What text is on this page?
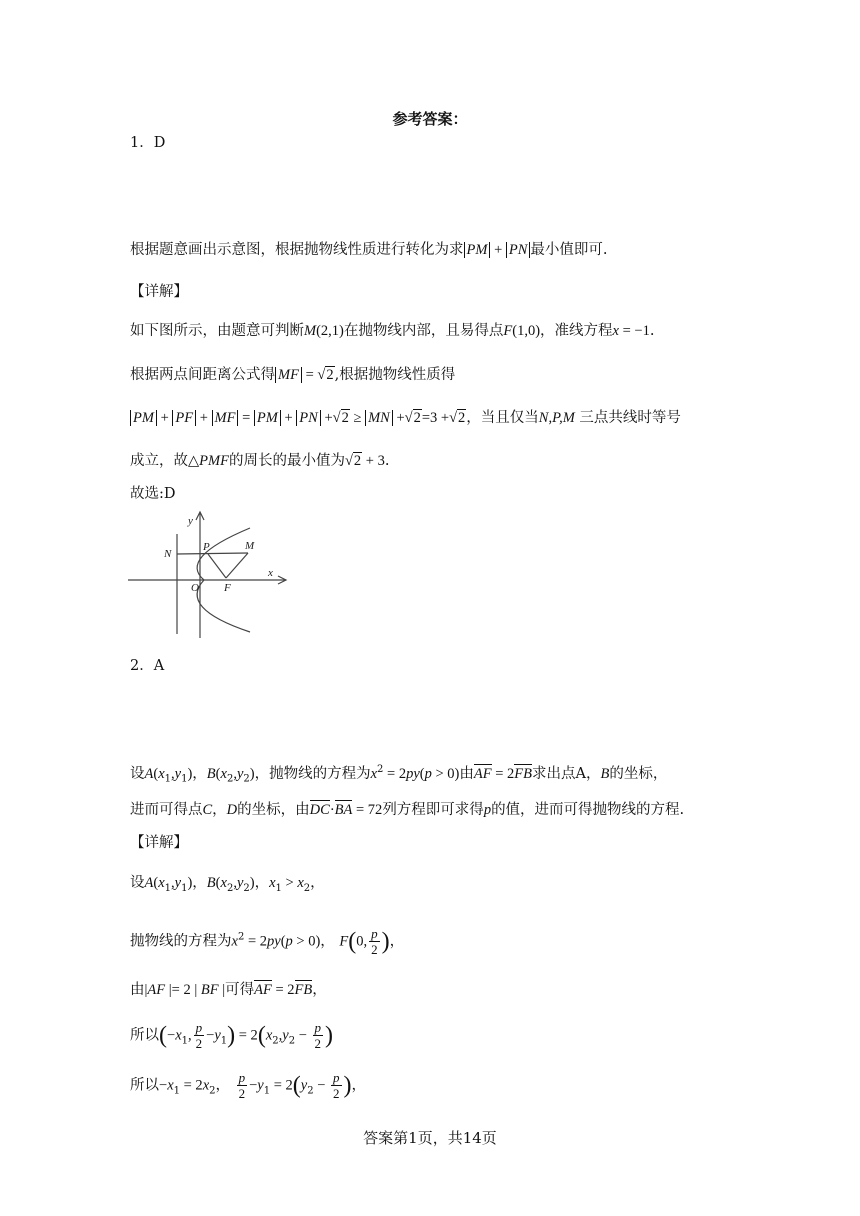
参考答案：
1．D
根据题意画出示意图，根据抛物线性质进行转化为求 PM + PN 最小值即可.
【详解】
如下图所示，由题意可判断M(2,1)在抛物线内部，且易得点F(1,0)，准线方程x = −1.
根据两点间距离公式得 MF = √2,根据抛物线性质得
PM + PF + MF = PM + PN +√2 ≥ MN +√2=3 +√2，当且仅当N,P,M 三点共线时等号
成立，故△PMF的周长的最小值为√2 + 3.
故选:D
y
x
N
P	M
O F
2．A
设$A(x_1,y_1)$，$B(x_2,y_2)$，抛物线的方程为$x^2 = 2py(p > 0)$由AF = 2FB求出点A，B的坐标，
进而可得点C，D的坐标，由DC·BA = 72列方程即可求得p的值，进而可得抛物线的方程.
【详解】
设$A(x_1,y_1)$，$B(x_2,y_2)$，$x_1 > x_2$，
抛物线的方程为$x^2 = 2py(p > 0)$， F(0, $\frac{p}{2}$ )，
由|AF |= 2 | BF |可得AF = 2FB，
所以($-x_1$, $\frac{p}{2} -y_1) = 2(x_2,y_2 - \frac{p}{2}$ )
所以$-x_1 = 2x_2$， $\frac{p}{2} -y_1 = 2(y_2 - \frac{p}{2}$ )，
答案第1页，共14页
